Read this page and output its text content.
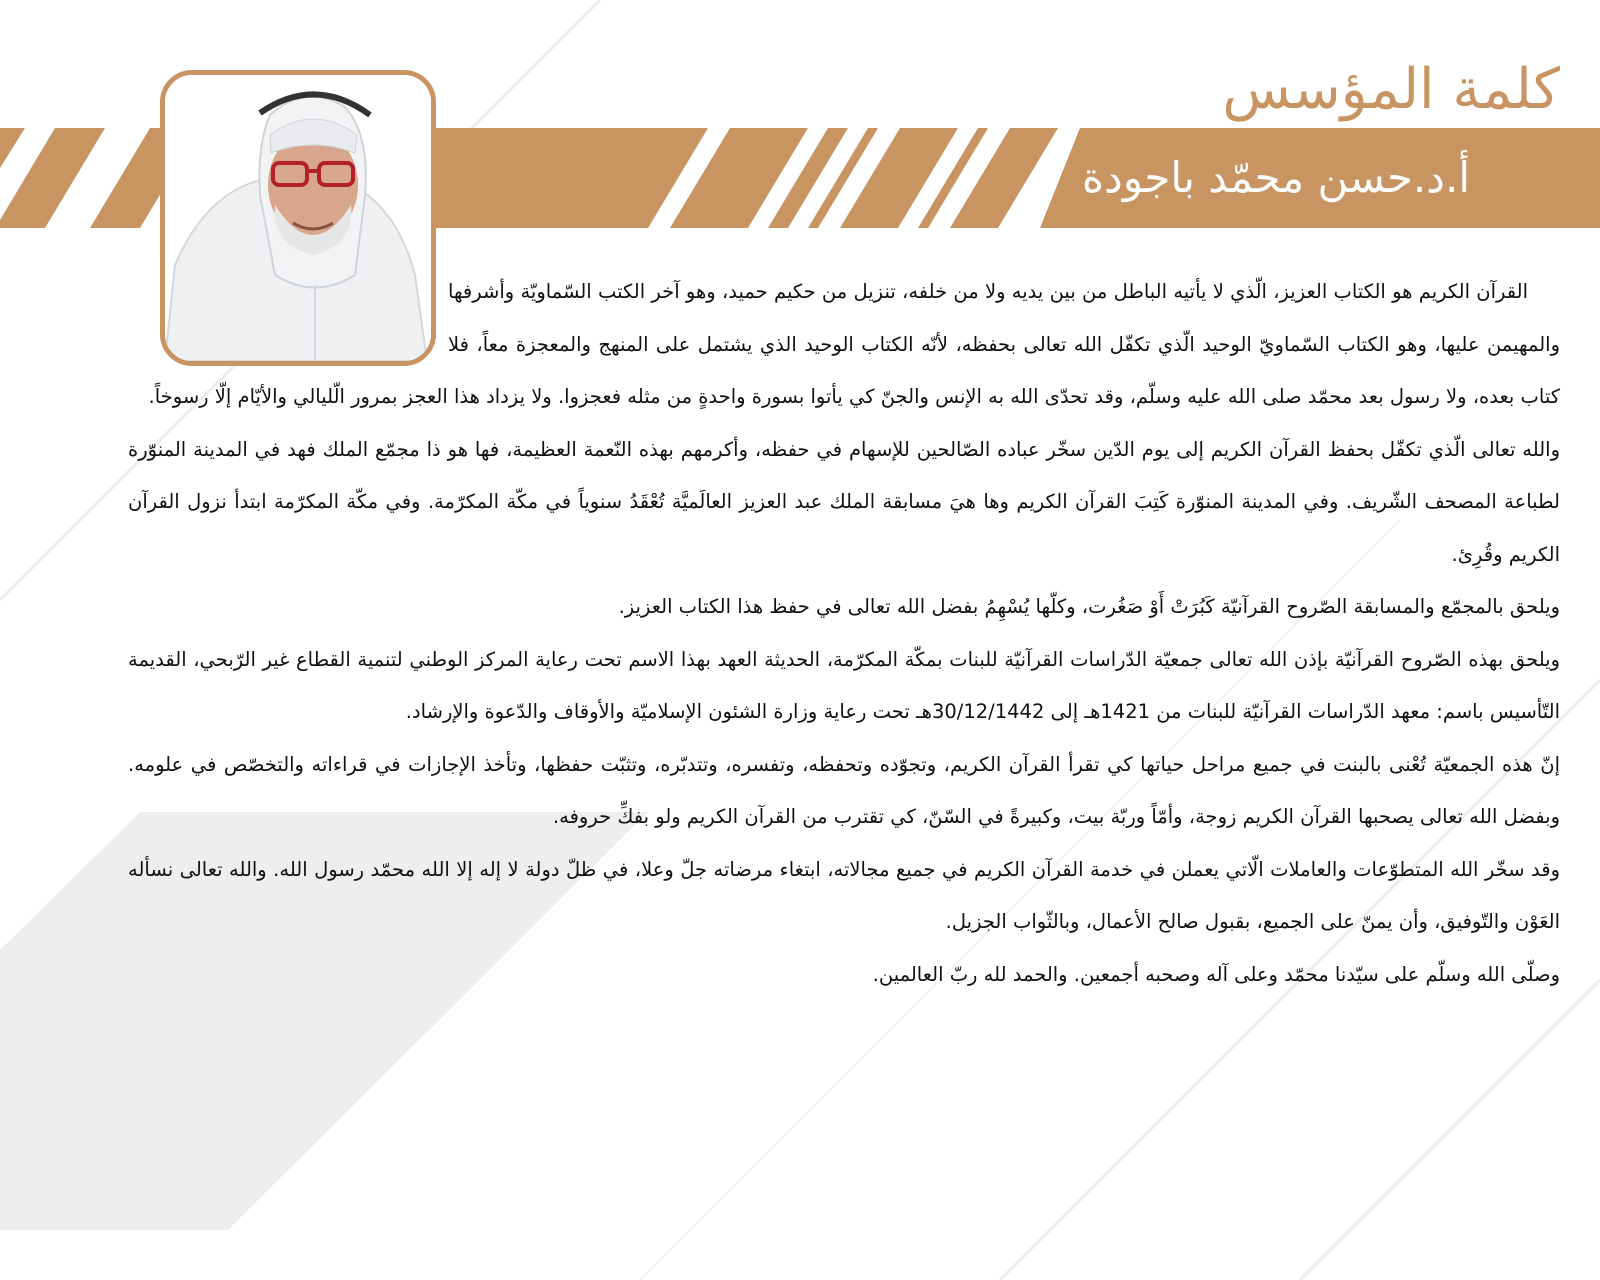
كلمة المؤسس
أ.د.حسن محمّد باجودة

القرآن الكريم هو الكتاب العزيز، الّذي لا يأتيه الباطل من بين يديه ولا من خلفه، تنزيل من حكيم حميد، وهو آخر الكتب السّماويّة وأشرفها والمهيمن عليها، وهو الكتاب السّماويّ الوحيد الّذي تكفّل الله تعالى بحفظه، لأنّه الكتاب الوحيد الذي يشتمل على المنهج والمعجزة معاً، فلا كتاب بعده، ولا رسول بعد محمّد صلى الله عليه وسلّم، وقد تحدّى الله به الإنس والجنّ كي يأتوا بسورة واحدةٍ من مثله فعجزوا. ولا يزداد هذا العجز بمرور الّليالي والأيّام إلّا رسوخاً.

والله تعالى الّذي تكفّل بحفظ القرآن الكريم إلى يوم الدّين سخّر عباده الصّالحين للإسهام في حفظه، وأكرمهم بهذه النّعمة العظيمة، فها هو ذا مجمّع الملك فهد في المدينة المنوّرة لطباعة المصحف الشّريف. وفي المدينة المنوّرة كَتِبَ القرآن الكريم وها هيَ مسابقة الملك عبد العزيز العالَميَّة تُعْقَدُ سنوياً في مكّة المكرّمة. وفي مكّة المكرّمة ابتدأ نزول القرآن الكريم وقُرِئ.

ويلحق بالمجمّع والمسابقة الصّروح القرآنيّة كَبُرَتْ أَوْ صَغُرت، وكلّها يُسْهِمُ بفضل الله تعالى في حفظ هذا الكتاب العزيز.

ويلحق بهذه الصّروح القرآنيّة بإذن الله تعالى جمعيّة الدّراسات القرآنيّة للبنات بمكّة المكرّمة، الحديثة العهد بهذا الاسم تحت رعاية المركز الوطني لتنمية القطاع غير الرّبحي، القديمة التّأسيس باسم: معهد الدّراسات القرآنيّة للبنات من 1421هـ إلى 30/12/1442هـ تحت رعاية وزارة الشئون الإسلاميّة والأوقاف والدّعوة والإرشاد.

إنّ هذه الجمعيّة تُعْنى بالبنت في جميع مراحل حياتها كي تقرأ القرآن الكريم، وتجوّده وتحفظه، وتفسره، وتتدبّره، وتثبّت حفظها، وتأخذ الإجازات في قراءاته والتخصّص في علومه. وبفضل الله تعالى يصحبها القرآن الكريم زوجة، وأمّاً وربّة بيت، وكبيرةً في السّنّ، كي تقترب من القرآن الكريم ولو بفكِّ حروفه.

وقد سخّر الله المتطوّعات والعاملات الّاتي يعملن في خدمة القرآن الكريم في جميع مجالاته، ابتغاء مرضاته جلّ وعلا، في ظلّ دولة لا إله إلا الله محمّد رسول الله. والله تعالى نسأله العَوْن والتّوفيق، وأن يمنّ على الجميع، بقبول صالح الأعمال، وبالثّواب الجزيل.

وصلّى الله وسلّم على سيّدنا محمّد وعلى آله وصحبه أجمعين. والحمد لله ربّ العالمين.
